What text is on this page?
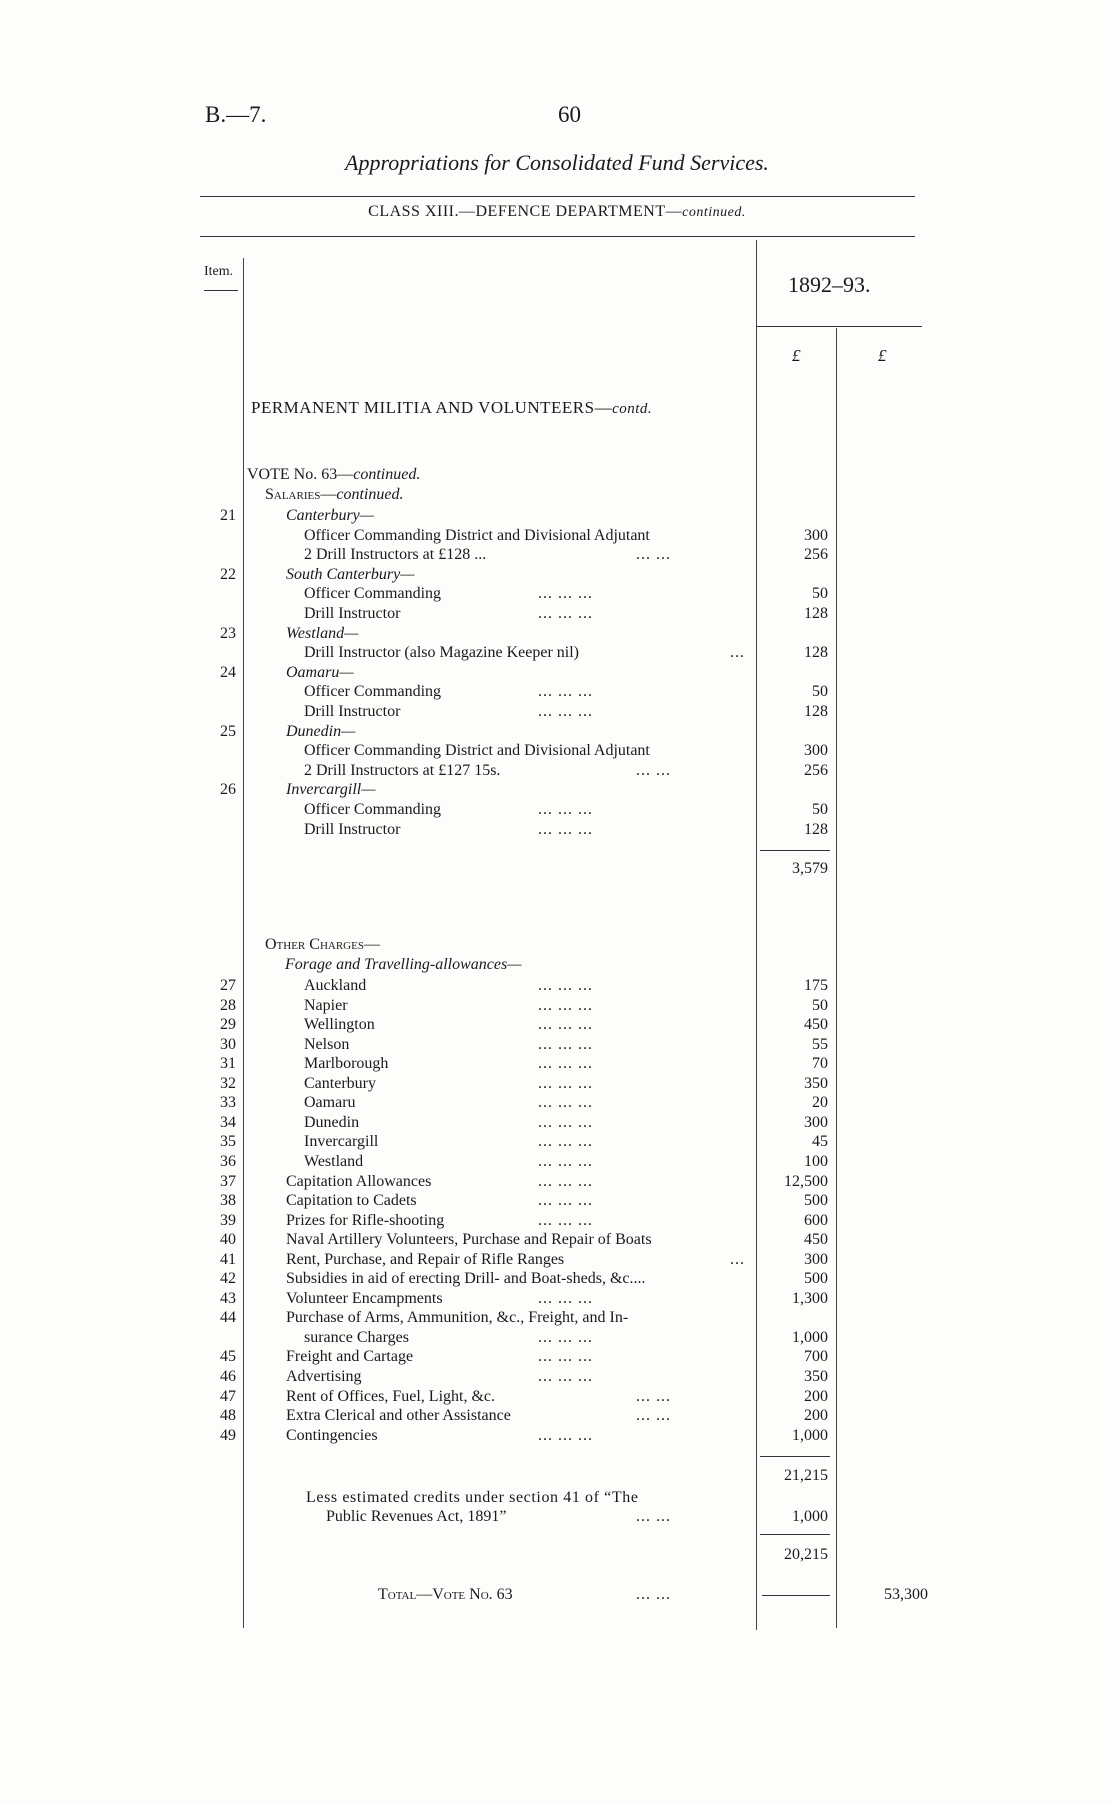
B.—7.	60
Appropriations for Consolidated Fund Services.
CLASS XIII.—DEFENCE DEPARTMENT—continued.
Item.
1892–93.
£	£
PERMANENT MILITIA AND VOLUNTEERS—contd.
VOTE No. 63—continued.
Salaries—continued.
21	Canterbury—
Officer Commanding District and Divisional Adjutant	300
2 Drill Instructors at £128 ...	... ...	256
22	South Canterbury—
Officer Commanding	... ... ...	50
Drill Instructor	... ... ...	128
23	Westland—
Drill Instructor (also Magazine Keeper nil)	...	128
24	Oamaru—
Officer Commanding	... ... ...	50
Drill Instructor	... ... ...	128
25	Dunedin—
Officer Commanding District and Divisional Adjutant	300
2 Drill Instructors at £127 15s.	... ...	256
26	Invercargill—
Officer Commanding	... ... ...	50
Drill Instructor	... ... ...	128
3,579
Other Charges—
Forage and Travelling-allowances—
27	Auckland	... ... ...	175
28	Napier	... ... ...	50
29	Wellington	... ... ...	450
30	Nelson	... ... ...	55
31	Marlborough	... ... ...	70
32	Canterbury	... ... ...	350
33	Oamaru	... ... ...	20
34	Dunedin	... ... ...	300
35	Invercargill	... ... ...	45
36	Westland	... ... ...	100
37	Capitation Allowances	... ... ...	12,500
38	Capitation to Cadets	... ... ...	500
39	Prizes for Rifle-shooting	... ... ...	600
40	Naval Artillery Volunteers, Purchase and Repair of Boats	450
41	Rent, Purchase, and Repair of Rifle Ranges	...	300
42	Subsidies in aid of erecting Drill- and Boat-sheds, &c....	500
43	Volunteer Encampments	... ... ...	1,300
44	Purchase of Arms, Ammunition, &c., Freight, and In-
surance Charges	... ... ...	1,000
45	Freight and Cartage	... ... ...	700
46	Advertising	... ... ...	350
47	Rent of Offices, Fuel, Light, &c.	... ...	200
48	Extra Clerical and other Assistance	... ...	200
49	Contingencies	... ... ...	1,000
21,215
Less estimated credits under section 41 of “The
Public Revenues Act, 1891”	... ...	1,000
20,215
Total—Vote No. 63	... ...	53,300
